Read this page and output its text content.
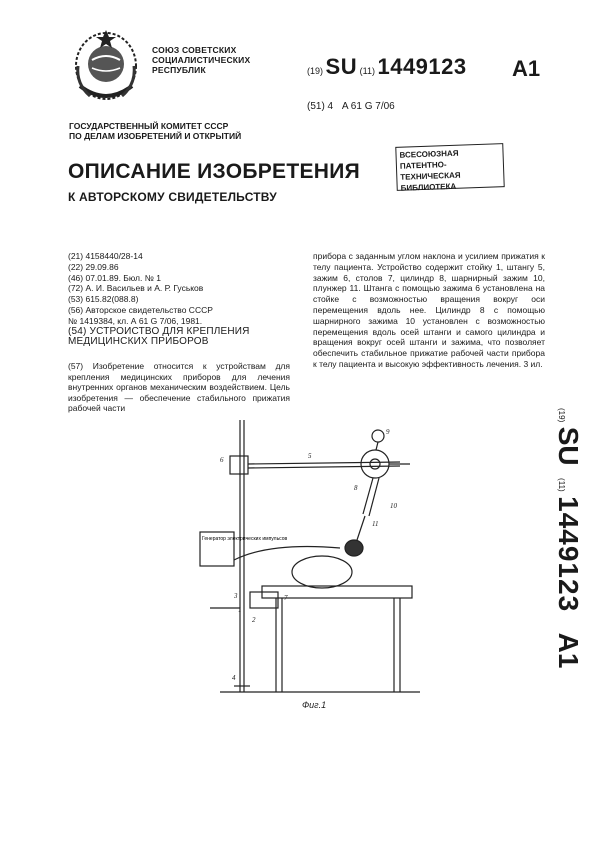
СОЮЗ СОВЕТСКИХ
СОЦИАЛИСТИЧЕСКИХ
РЕСПУБЛИК	(19) SU (11) 1449123 A1
(51) 4 A 61 G 7/06
ГОСУДАРСТВЕННЫЙ КОМИТЕТ СССР
ПО ДЕЛАМ ИЗОБРЕТЕНИЙ И ОТКРЫТИЙ
ВСЕСОЮЗНАЯ
ПАТЕНТНО-ТЕХНИЧЕСКАЯ
БИБЛИОТЕКА
ОПИСАНИЕ ИЗОБРЕТЕНИЯ
К АВТОРСКОМУ СВИДЕТЕЛЬСТВУ
(21) 4158440/28-14
(22) 29.09.86
(46) 07.01.89. Бюл. № 1
(72) А. И. Васильев и А. Р. Гуськов
(53) 615.82(088.8)
(56) Авторское свидетельство СССР
№ 1419384, кл. А 61 G 7/06, 1981.
(54) УСТРОЙСТВО ДЛЯ КРЕПЛЕНИЯ
МЕДИЦИНСКИХ ПРИБОРОВ
(57) Изобретение относится к устройствам для крепления медицинских приборов для лечения внутренних органов механическим воздействием. Цель изобретения — обеспечение стабильного прижатия рабочей части
прибора с заданным углом наклона и усилием прижатия к телу пациента. Устройство содержит стойку 1, штангу 5, зажим 6, столов 7, цилиндр 8, шарнирный зажим 10, плунжер 11. Штанга с помощью зажима 6 установлена на стойке с возможностью вращения вокруг оси перемещения вдоль нее. Цилиндр 8 с помощью шарнирного зажима 10 установлен с возможностью перемещения вдоль осей штанги и самого цилиндра и вращения вокруг осей штанги и зажима, что позволяет обеспечить стабильное прижатие рабочей части прибора к телу пациента и высокую эффективность лечения. 3 ил.
(19) SU (11) 1449123 A1
Генератор электрических импульсов
1
2
3
4
5
6
7
8
9
10
11
Фиг.1
